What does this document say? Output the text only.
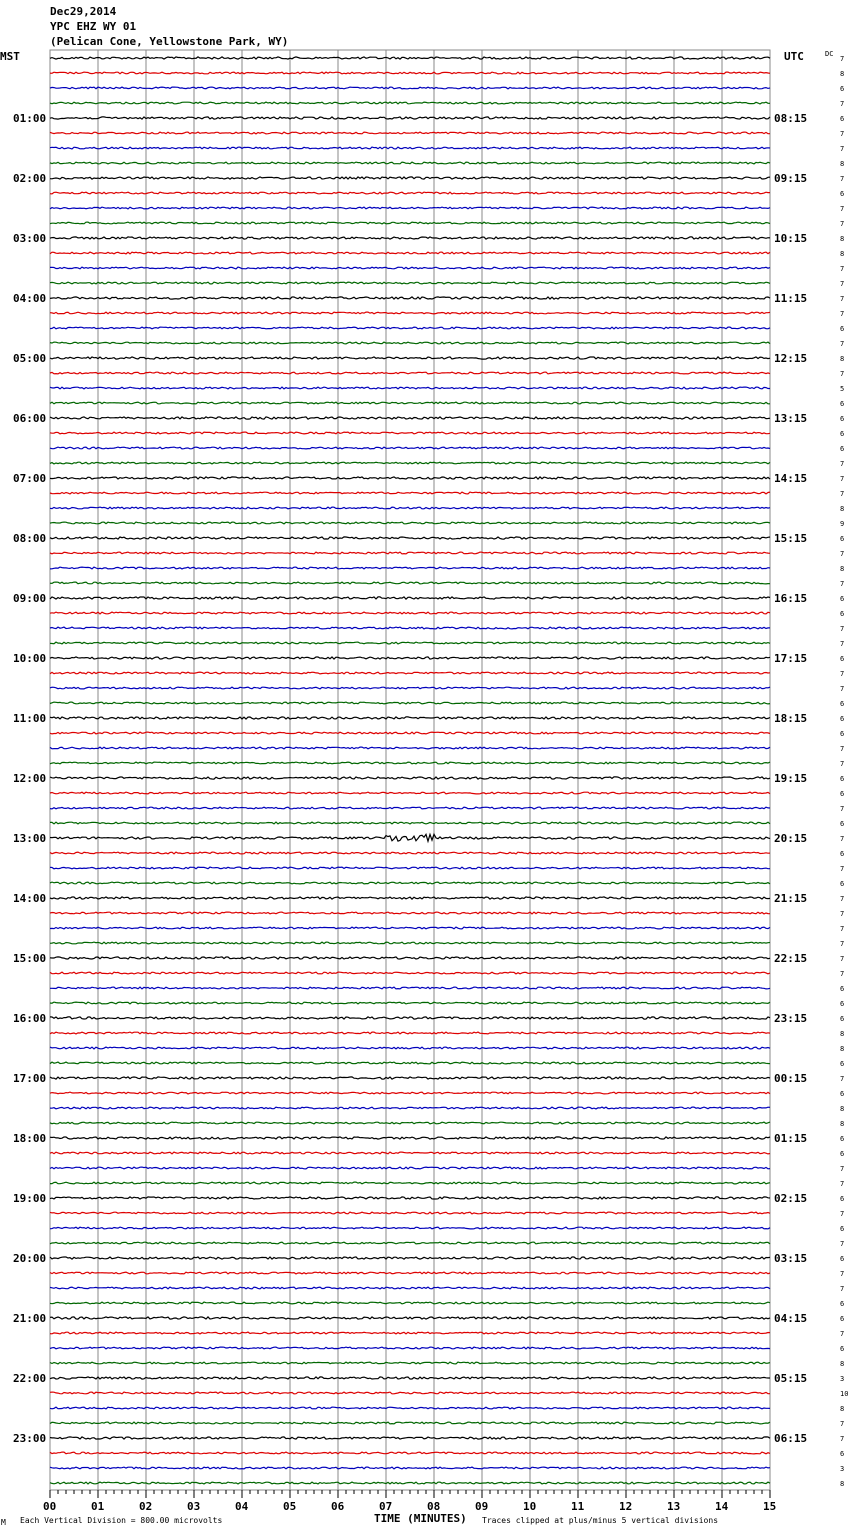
Dec29,2014
YPC EHZ WY 01
(Pelican Cone, Yellowstone Park, WY)
MST	UTC	DC
TIME (MINUTES)
Each Vertical Division = 800.00 microvolts	Traces clipped at plus/minus 5 vertical divisions
M
7
8
6
7
6
7
7
8
7
6
7
7
8
8
7
7
7
7
6
7
8
7
5
6
6
6
6
7
7
7
8
9
6
7
8
7
6
6
7
7
6
7
7
6
6
6
7
7
6
6
7
6
7
6
7
6
7
7
7
7
7
7
6
6
6
8
8
6
7
6
8
8
6
6
7
7
6
7
6
7
6
7
7
6
6
7
6
8
3
10
8
7
7
6
3
8
01:00	08:15
02:00	09:15
03:00	10:15
04:00	11:15
05:00	12:15
06:00	13:15
07:00	14:15
08:00	15:15
09:00	16:15
10:00	17:15
11:00	18:15
12:00	19:15
13:00	20:15
14:00	21:15
15:00	22:15
16:00	23:15
17:00	00:15
18:00	01:15
19:00	02:15
20:00	03:15
21:00	04:15
22:00	05:15
23:00	06:15
00	01	02	03	04	05	06	07	08	09	10	11	12	13	14	15
